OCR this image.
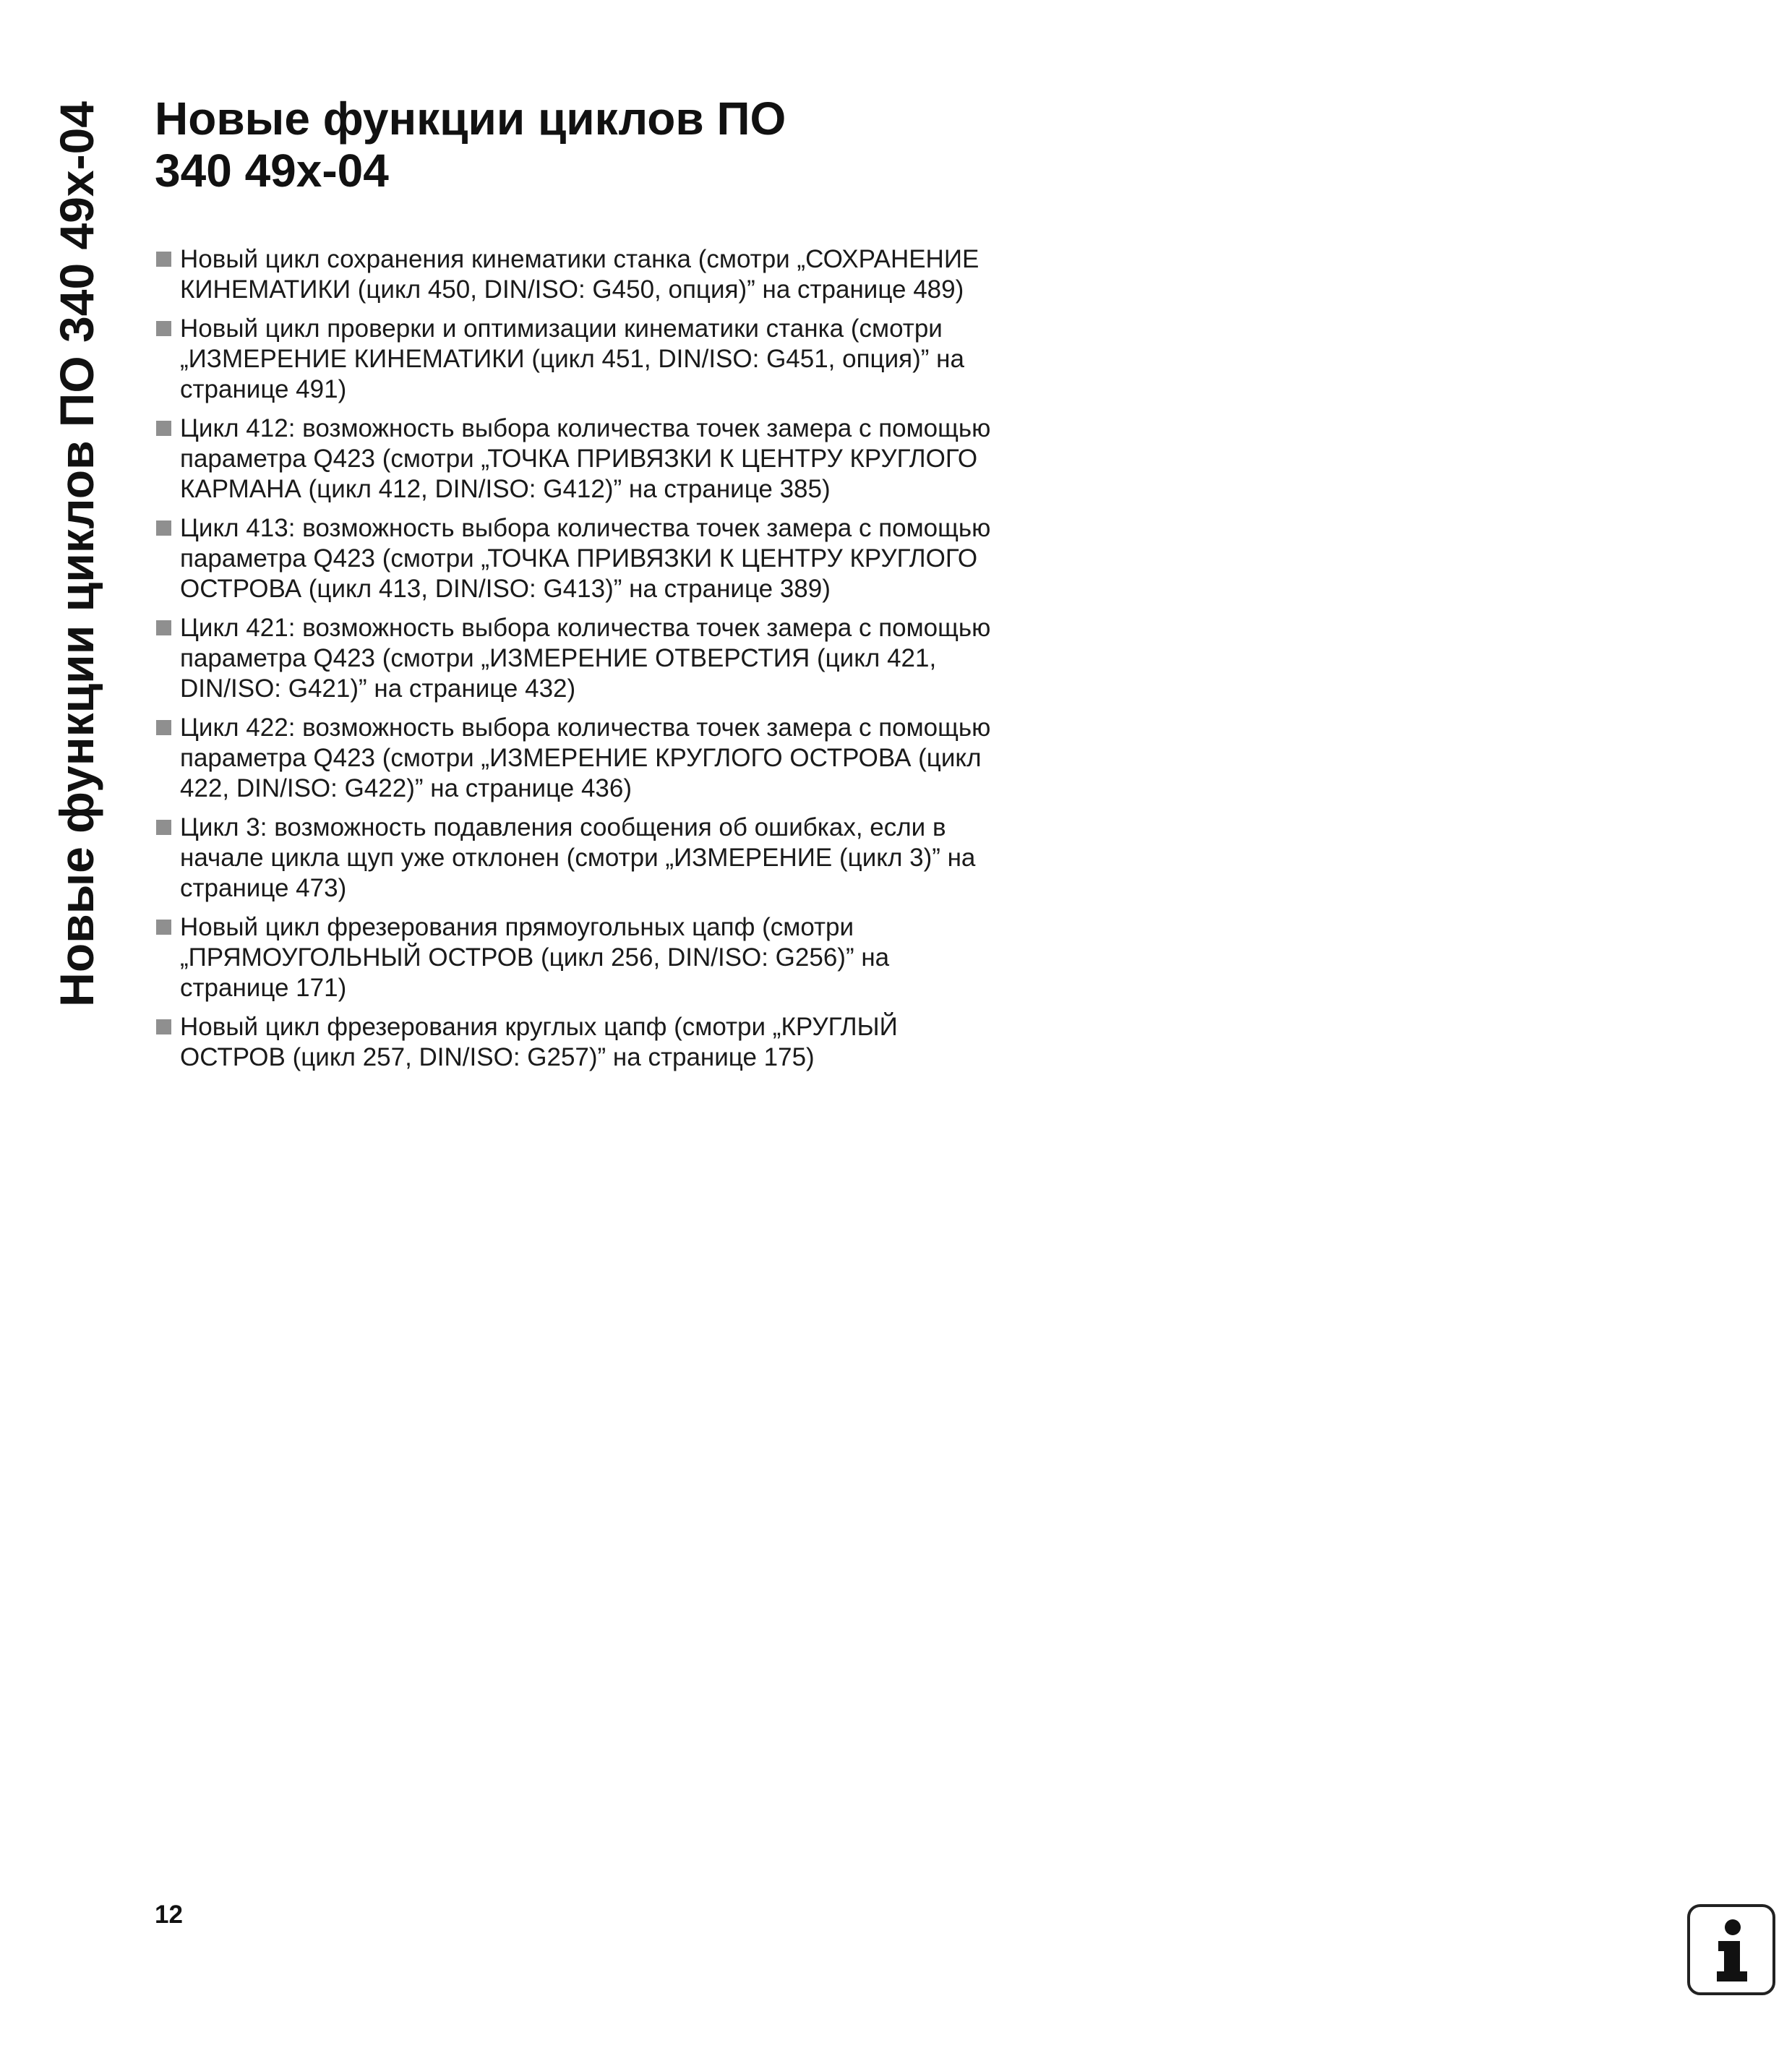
Новые функции циклов ПО 340 49x-04 Новые функции циклов ПО
340 49x-04
Новый цикл сохранения кинематики станка (смотри „СОХРАНЕНИЕ КИНЕМАТИКИ (цикл 450, DIN/ISO: G450, опция)” на странице 489)
Новый цикл проверки и оптимизации кинематики станка (смотри „ИЗМЕРЕНИЕ КИНЕМАТИКИ (цикл 451, DIN/ISO: G451, опция)” на странице 491)
Цикл 412: возможность выбора количества точек замера с помощью параметра Q423 (смотри „ТОЧКА ПРИВЯЗКИ К ЦЕНТРУ КРУГЛОГО КАРМАНА (цикл 412, DIN/ISO: G412)” на странице 385)
Цикл 413: возможность выбора количества точек замера с помощью параметра Q423 (смотри „ТОЧКА ПРИВЯЗКИ К ЦЕНТРУ КРУГЛОГО ОСТРОВА (цикл 413, DIN/ISO: G413)” на странице 389)
Цикл 421: возможность выбора количества точек замера с помощью параметра Q423 (смотри „ИЗМЕРЕНИЕ ОТВЕРСТИЯ (цикл 421, DIN/ISO: G421)” на странице 432)
Цикл 422: возможность выбора количества точек замера с помощью параметра Q423 (смотри „ИЗМЕРЕНИЕ КРУГЛОГО ОСТРОВА (цикл 422, DIN/ISO: G422)” на странице 436)
Цикл 3: возможность подавления сообщения об ошибках, если в начале цикла щуп уже отклонен (смотри „ИЗМЕРЕНИЕ (цикл 3)” на странице 473)
Новый цикл фрезерования прямоугольных цапф (смотри „ПРЯМОУГОЛЬНЫЙ ОСТРОВ (цикл 256, DIN/ISO: G256)” на странице 171)
Новый цикл фрезерования круглых цапф (смотри „КРУГЛЫЙ ОСТРОВ (цикл 257, DIN/ISO: G257)” на странице 175)
12
